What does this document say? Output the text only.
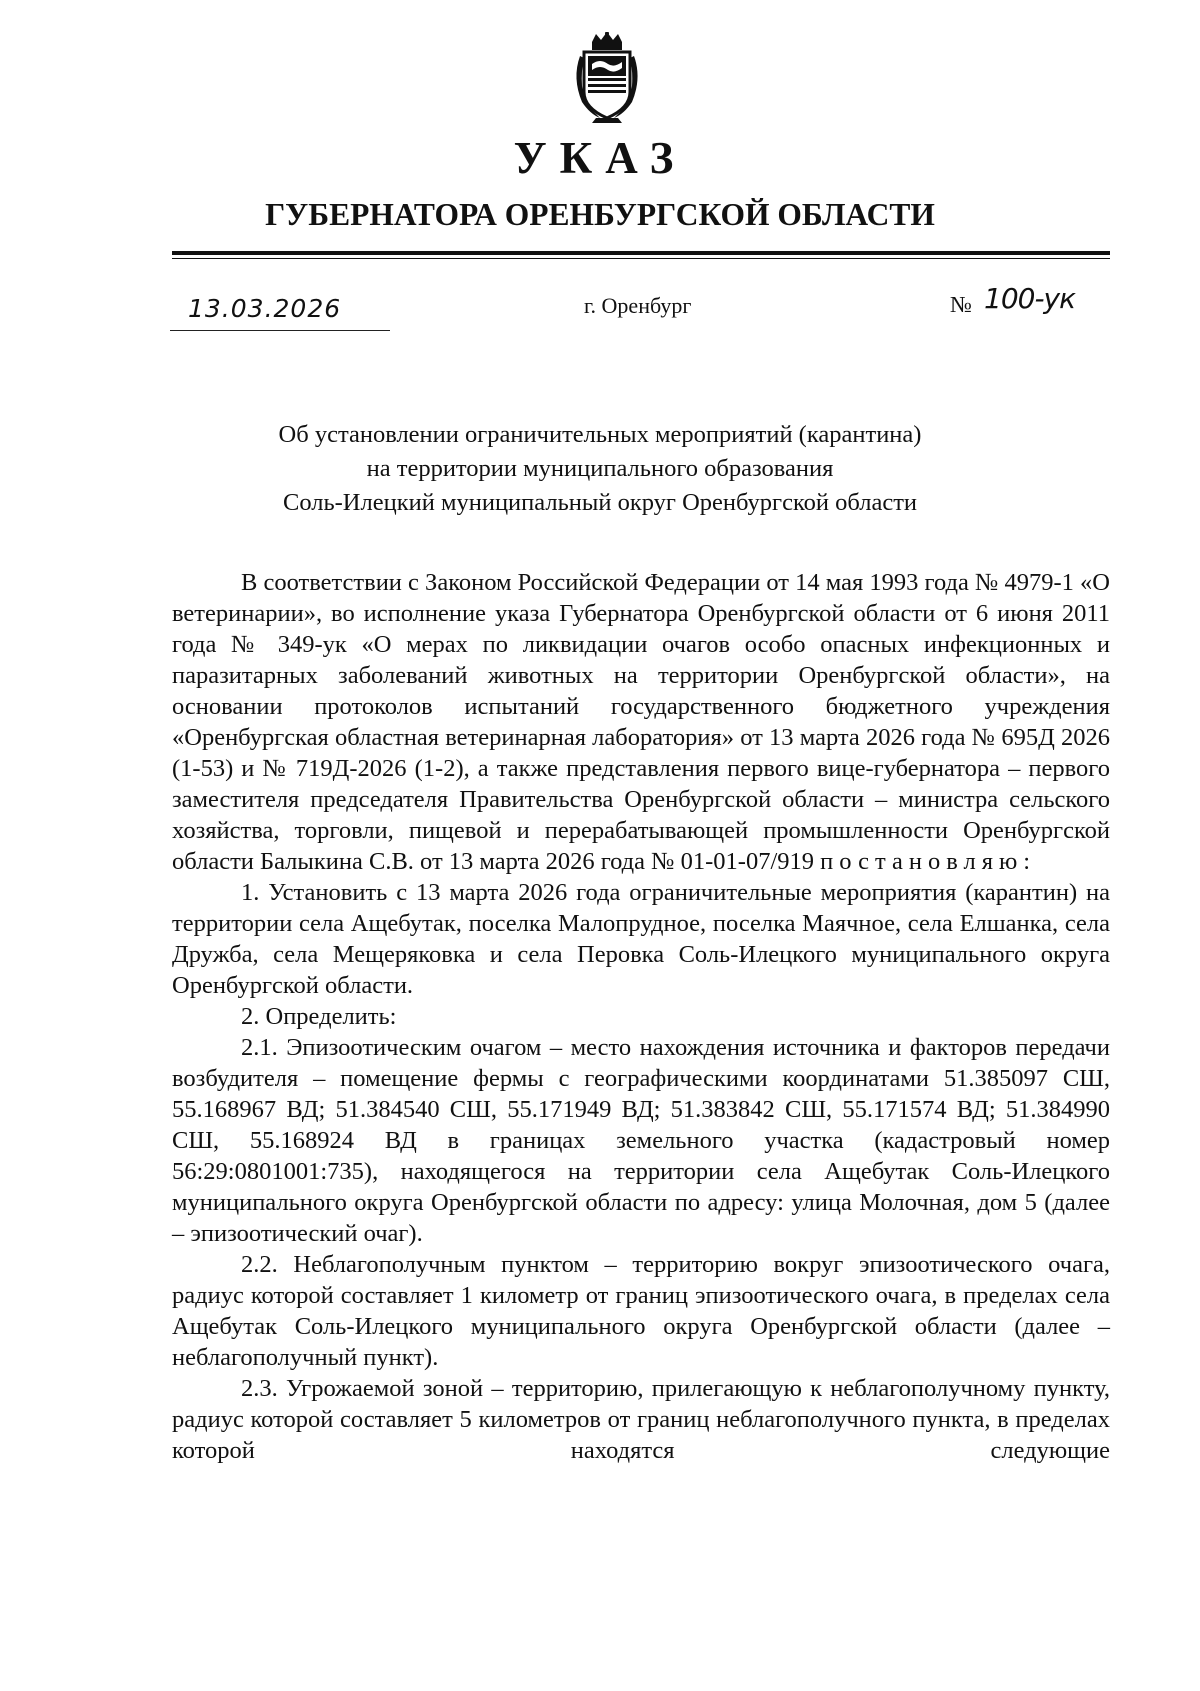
УКАЗ
ГУБЕРНАТОРА ОРЕНБУРГСКОЙ ОБЛАСТИ
13.03.2026	г. Оренбург	№ 100-ук
Об установлении ограничительных мероприятий (карантина)
на территории муниципального образования
Соль-Илецкий муниципальный округ Оренбургской области

В соответствии с Законом Российской Федерации от 14 мая 1993 года № 4979-1 «О ветеринарии», во исполнение указа Губернатора Оренбургской области от 6 июня 2011 года № 349-ук «О мерах по ликвидации очагов особо опасных инфекционных и паразитарных заболеваний животных на территории Оренбургской области», на основании протоколов испытаний государственного бюджетного учреждения «Оренбургская областная ветеринарная лаборатория» от 13 марта 2026 года № 695Д 2026 (1-53) и № 719Д-2026 (1-2), а также представления первого вице-губернатора – первого заместителя председателя Правительства Оренбургской области – министра сельского хозяйства, торговли, пищевой и перерабатывающей промышленности Оренбургской области Балыкина С.В. от 13 марта 2026 года № 01-01-07/919 постановляю:

1. Установить с 13 марта 2026 года ограничительные мероприятия (карантин) на территории села Ащебутак, поселка Малопрудное, поселка Маячное, села Елшанка, села Дружба, села Мещеряковка и села Перовка Соль-Илецкого муниципального округа Оренбургской области.

2. Определить:

2.1. Эпизоотическим очагом – место нахождения источника и факторов передачи возбудителя – помещение фермы с географическими координатами 51.385097 СШ, 55.168967 ВД; 51.384540 СШ, 55.171949 ВД; 51.383842 СШ, 55.171574 ВД; 51.384990 СШ, 55.168924 ВД в границах земельного участка (кадастровый номер 56:29:0801001:735), находящегося на территории села Ащебутак Соль-Илецкого муниципального округа Оренбургской области по адресу: улица Молочная, дом 5 (далее – эпизоотический очаг).

2.2. Неблагополучным пунктом – территорию вокруг эпизоотического очага, радиус которой составляет 1 километр от границ эпизоотического очага, в пределах села Ащебутак Соль-Илецкого муниципального округа Оренбургской области (далее – неблагополучный пункт).

2.3. Угрожаемой зоной – территорию, прилегающую к неблагополучному пункту, радиус которой составляет 5 километров от границ неблагополучного пункта, в пределах которой находятся следующие
